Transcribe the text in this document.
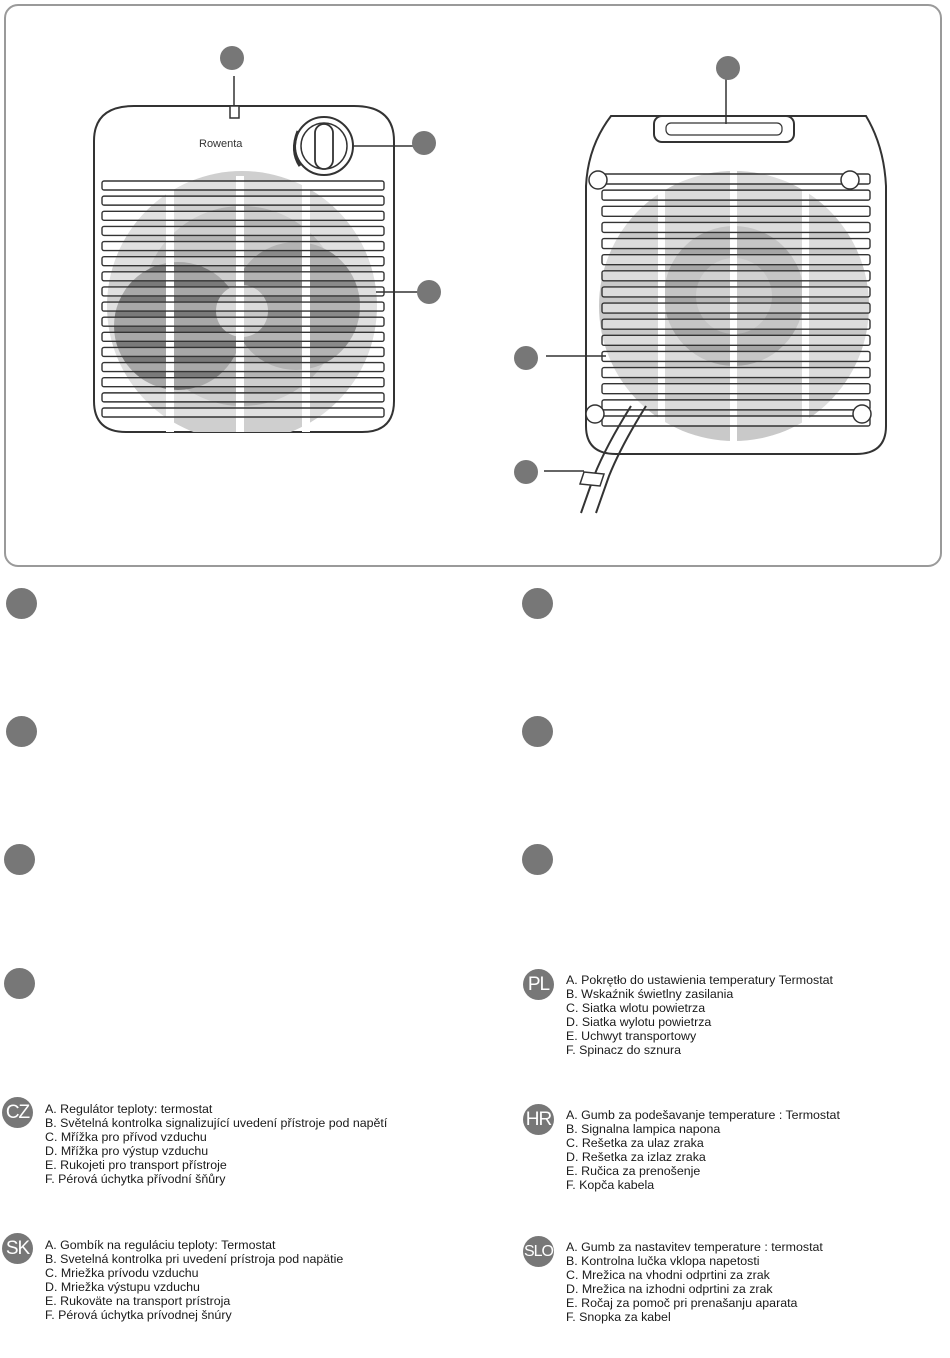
Rowenta
PL	A. Pokrętło do ustawienia temperatury Termostat
B. Wskaźnik świetlny zasilania
C. Siatka wlotu powietrza
D. Siatka wylotu powietrza
E. Uchwyt transportowy
F. Spinacz do sznura
CZ	A. Regulátor teploty: termostat
B. Světelná kontrolka signalizující uvedení přístroje pod napětí
C. Mřížka pro přívod vzduchu
D. Mřížka pro výstup vzduchu
E. Rukojeti pro transport přístroje
F. Pérová úchytka přívodní šňůry
HR A. Gumb za podešavanje temperature : Termostat
B. Signalna lampica napona
C. Rešetka za ulaz zraka
D. Rešetka za izlaz zraka
E. Ručica za prenošenje
F. Kopča kabela
SK	A. Gombík na reguláciu teploty: Termostat
B. Svetelná kontrolka pri uvedení prístroja pod napätie
C. Mriežka prívodu vzduchu
D. Mriežka výstupu vzduchu
E. Rukoväte na transport prístroja
F. Pérová úchytka prívodnej šnúry
SLO A. Gumb za nastavitev temperature : termostat
B. Kontrolna lučka vklopa napetosti
C. Mrežica na vhodni odprtini za zrak
D. Mrežica na izhodni odprtini za zrak
E. Ročaj za pomoč pri prenašanju aparata
F. Snopka za kabel
